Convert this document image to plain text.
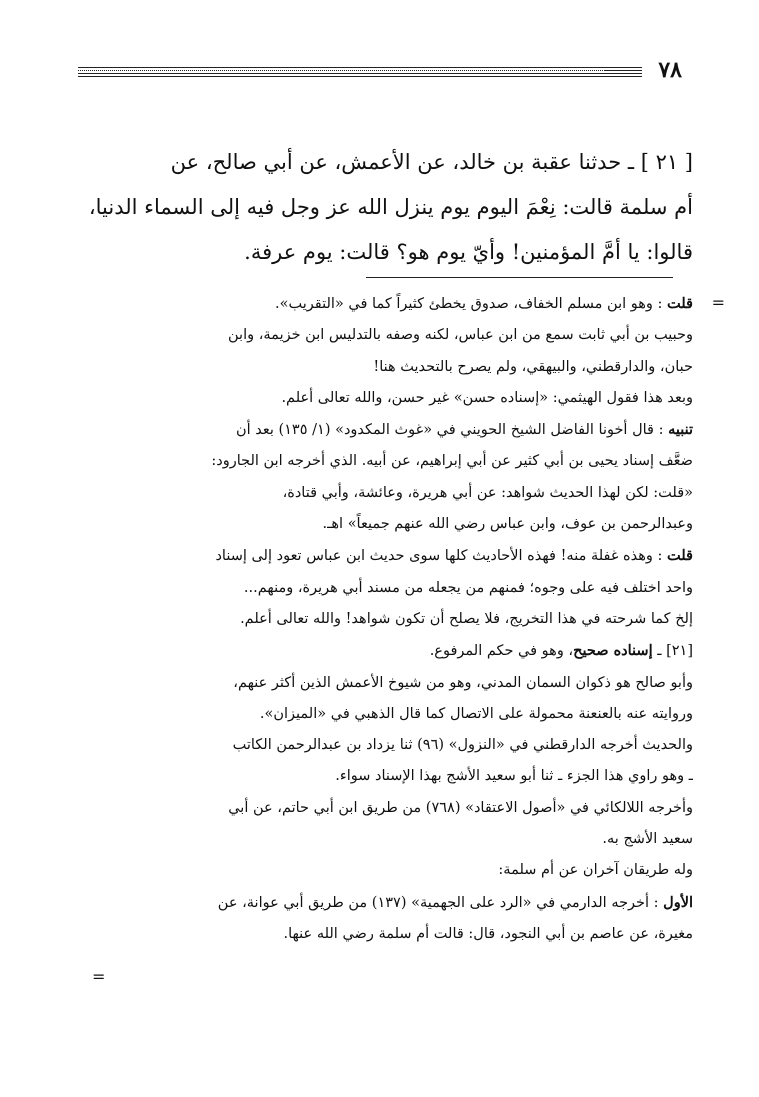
٧٨

[ ٢١ ] ـ حدثنا عقبة بن خالد، عن الأعمش، عن أبي صالح، عن

أم سلمة قالت: نِعْمَ اليوم يوم ينزل الله عز وجل فيه إلى السماء الدنيا،

قالوا: يا أمَّ المؤمنين! وأيّ يوم هو؟ قالت: يوم عرفة.

=
قلت : وهو ابن مسلم الخفاف، صدوق يخطئ كثيراً كما في «التقريب».
وحبيب بن أبي ثابت سمع من ابن عباس، لكنه وصفه بالتدليس ابن خزيمة، وابن
حبان، والدارقطني، والبيهقي، ولم يصرح بالتحديث هنا!
وبعد هذا فقول الهيثمي: «إسناده حسن» غير حسن، والله تعالى أعلم.
تنبيه : قال أخونا الفاضل الشيخ الحويني في «غوث المكدود» (١/ ١٣٥) بعد أن
ضعَّف إسناد يحيى بن أبي كثير عن أبي إبراهيم، عن أبيه. الذي أخرجه ابن الجارود:
«قلت: لكن لهذا الحديث شواهد: عن أبي هريرة، وعائشة، وأبي قتادة،
وعبدالرحمن بن عوف، وابن عباس رضي الله عنهم جميعاً» اهـ.
قلت : وهذه غفلة منه! فهذه الأحاديث كلها سوى حديث ابن عباس تعود إلى إسناد
واحد اختلف فيه على وجوه؛ فمنهم من يجعله من مسند أبي هريرة، ومنهم...
إلخ كما شرحته في هذا التخريج، فلا يصلح أن تكون شواهد! والله تعالى أعلم.
[٢١] ـ إسناده صحيح، وهو في حكم المرفوع.
وأبو صالح هو ذكوان السمان المدني، وهو من شيوخ الأعمش الذين أكثر عنهم،
وروايته عنه بالعنعنة محمولة على الاتصال كما قال الذهبي في «الميزان».
والحديث أخرجه الدارقطني في «النزول» (٩٦) ثنا يزداد بن عبدالرحمن الكاتب
ـ وهو راوي هذا الجزء ـ ثنا أبو سعيد الأشج بهذا الإسناد سواء.
وأخرجه اللالكائي في «أصول الاعتقاد» (٧٦٨) من طريق ابن أبي حاتم، عن أبي
سعيد الأشج به.
وله طريقان آخران عن أم سلمة:
الأول : أخرجه الدارمي في «الرد على الجهمية» (١٣٧) من طريق أبي عوانة، عن
مغيرة، عن عاصم بن أبي النجود، قال: قالت أم سلمة رضي الله عنها.
=
